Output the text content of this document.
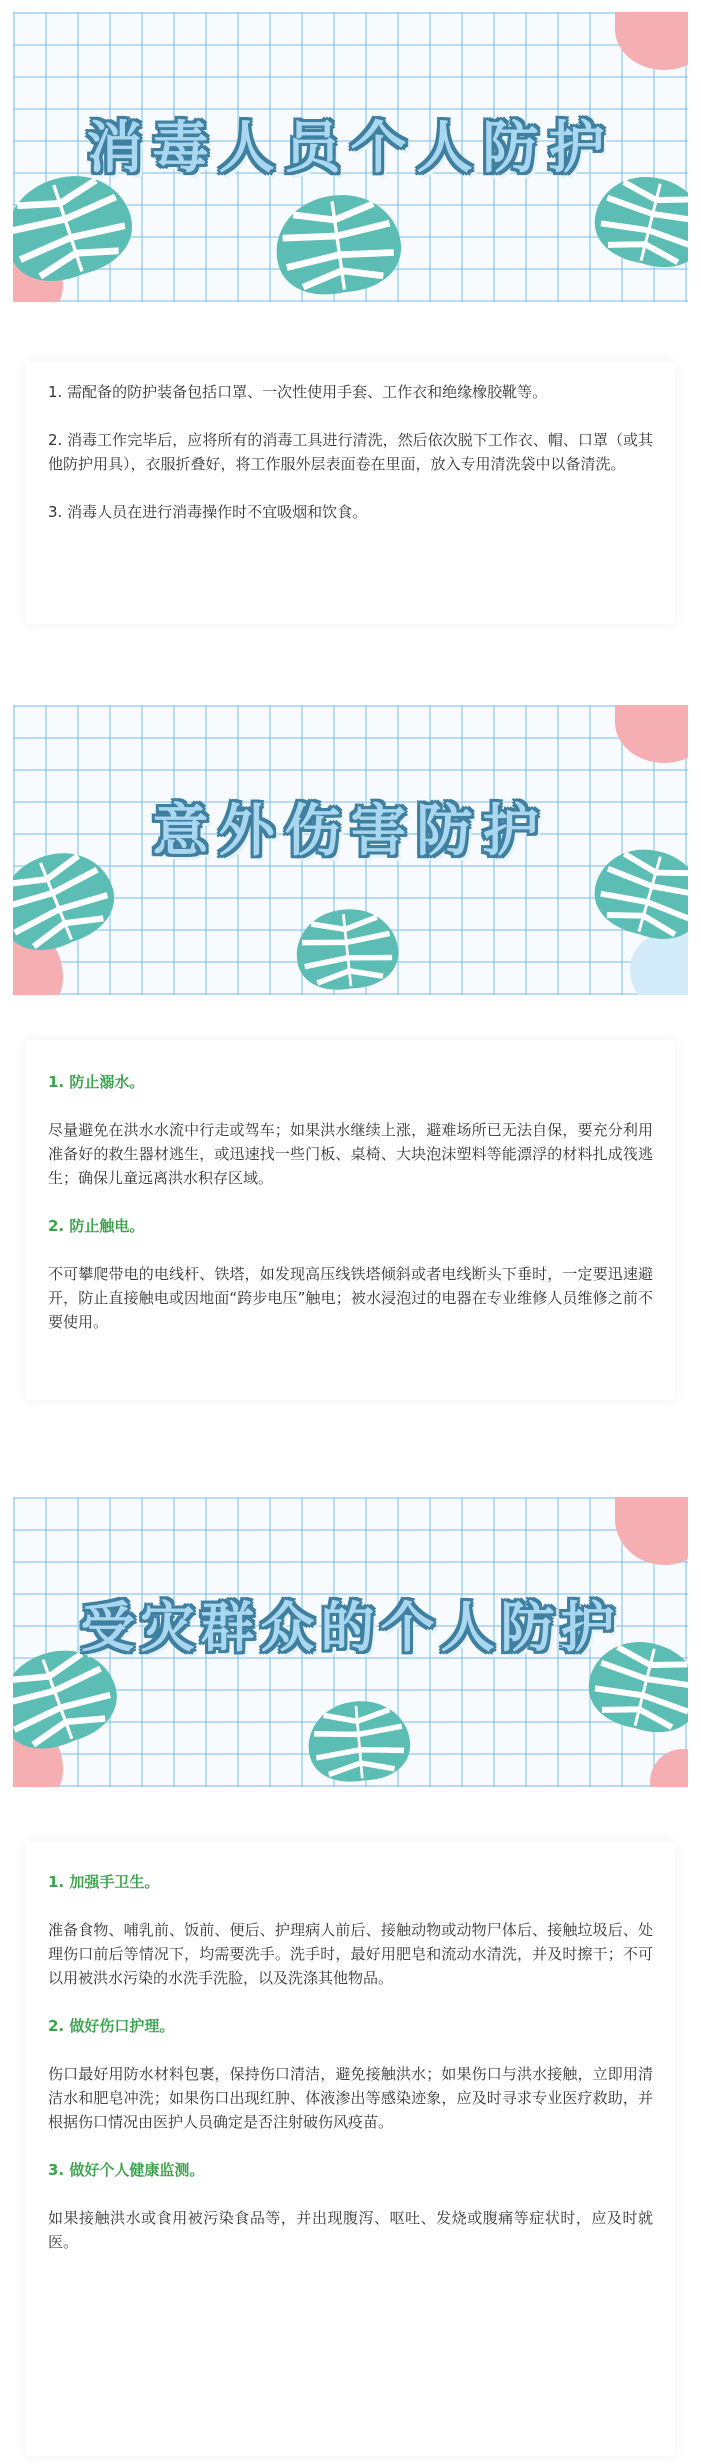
消毒人员个人防护

1. 需配备的防护装备包括口罩、一次性使用手套、工作衣和绝缘橡胶靴等。

2. 消毒工作完毕后，应将所有的消毒工具进行清洗，然后依次脱下工作衣、帽、口罩（或其他防护用具），衣服折叠好，将工作服外层表面卷在里面，放入专用清洗袋中以备清洗。

3. 消毒人员在进行消毒操作时不宜吸烟和饮食。

意外伤害防护

1. 防止溺水。

尽量避免在洪水水流中行走或驾车；如果洪水继续上涨，避难场所已无法自保，要充分利用准备好的救生器材逃生，或迅速找一些门板、桌椅、大块泡沫塑料等能漂浮的材料扎成筏逃生；确保儿童远离洪水积存区域。

2. 防止触电。

不可攀爬带电的电线杆、铁塔，如发现高压线铁塔倾斜或者电线断头下垂时，一定要迅速避开，防止直接触电或因地面“跨步电压”触电；被水浸泡过的电器在专业维修人员维修之前不要使用。

受灾群众的个人防护

1. 加强手卫生。

准备食物、哺乳前、饭前、便后、护理病人前后、接触动物或动物尸体后、接触垃圾后、处理伤口前后等情况下，均需要洗手。洗手时，最好用肥皂和流动水清洗，并及时擦干；不可以用被洪水污染的水洗手洗脸，以及洗涤其他物品。

2. 做好伤口护理。

伤口最好用防水材料包裹，保持伤口清洁，避免接触洪水；如果伤口与洪水接触，立即用清洁水和肥皂冲洗；如果伤口出现红肿、体液渗出等感染迹象，应及时寻求专业医疗救助，并根据伤口情况由医护人员确定是否注射破伤风疫苗。

3. 做好个人健康监测。

如果接触洪水或食用被污染食品等，并出现腹泻、呕吐、发烧或腹痛等症状时，应及时就医。
